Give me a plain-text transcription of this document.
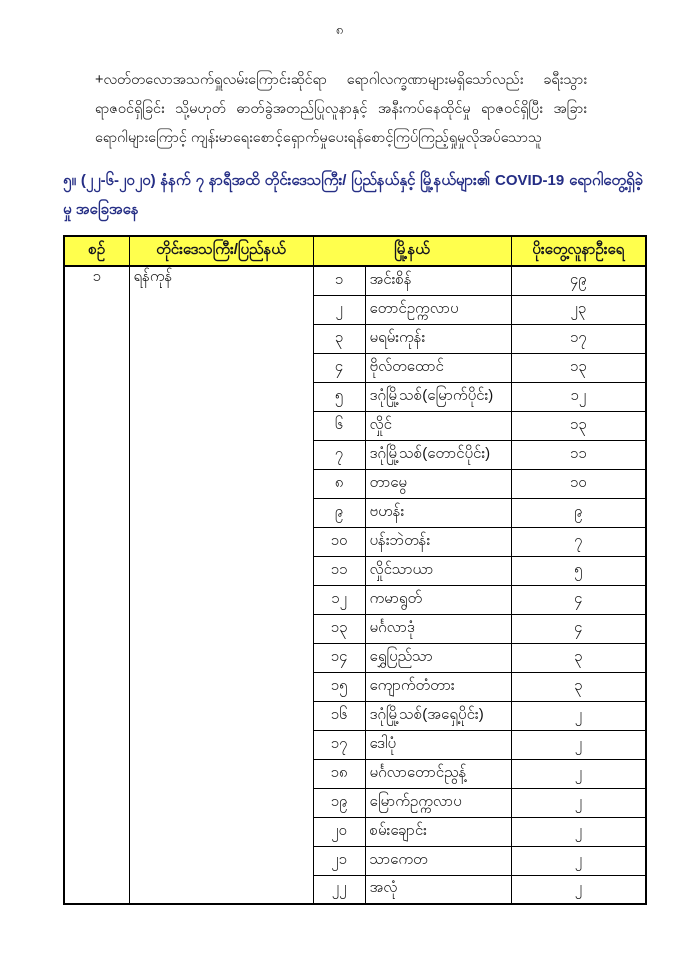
၈
+လတ်တလောအသက်ရှူလမ်းကြောင်းဆိုင်ရာ ရောဂါလက္ခဏာများမရှိသော်လည်း ခရီးသွားရာဇဝင်ရှိခြင်း သို့မဟုတ် ဓာတ်ခွဲအတည်ပြုလူနာနှင့် အနီးကပ်နေထိုင်မှု ရာဇဝင်ရှိပြီး အခြားရောဂါများကြောင့် ကျန်းမာရေးစောင့်ရှောက်မှုပေးရန်စောင့်ကြပ်ကြည့်ရှုမှုလိုအပ်သောသူ
၅။ (၂၂-၆-၂၀၂၀) နံနက် ၇ နာရီအထိ တိုင်းဒေသကြီး/ ပြည်နယ်နှင့် မြို့နယ်များ၏ COVID-19 ရောဂါတွေ့ရှိခဲ့မှု အခြေအနေ
စဉ်	တိုင်းဒေသကြီး/ပြည်နယ်	မြို့နယ်		ပိုးတွေ့လူနာဦးရေ
၁	ရန်ကုန်	၁	အင်းစိန်	၄၉
		၂	တောင်ဥက္ကလာပ	၂၃
		၃	မရမ်းကုန်း	၁၇
		၄	ဗိုလ်တထောင်	၁၃
		၅	ဒဂုံမြို့သစ်(မြောက်ပိုင်း)	၁၂
		၆	လှိုင်	၁၃
		၇	ဒဂုံမြို့သစ်(တောင်ပိုင်း)	၁၁
		၈	တာမွေ	၁၀
		၉	ဗဟန်း	၉
		၁၀	ပန်းဘဲတန်း	၇
		၁၁	လှိုင်သာယာ	၅
		၁၂	ကမာရွတ်	၄
		၁၃	မင်္ဂလာဒုံ	၄
		၁၄	ရွှေပြည်သာ	၃
		၁၅	ကျောက်တံတား	၃
		၁၆	ဒဂုံမြို့သစ်(အရှေ့ပိုင်း)	၂
		၁၇	ဒေါပုံ	၂
		၁၈	မင်္ဂလာတောင်ညွန့်	၂
		၁၉	မြောက်ဥက္ကလာပ	၂
		၂၀	စမ်းချောင်း	၂
		၂၁	သာကေတ	၂
		၂၂	အလုံ	၂
